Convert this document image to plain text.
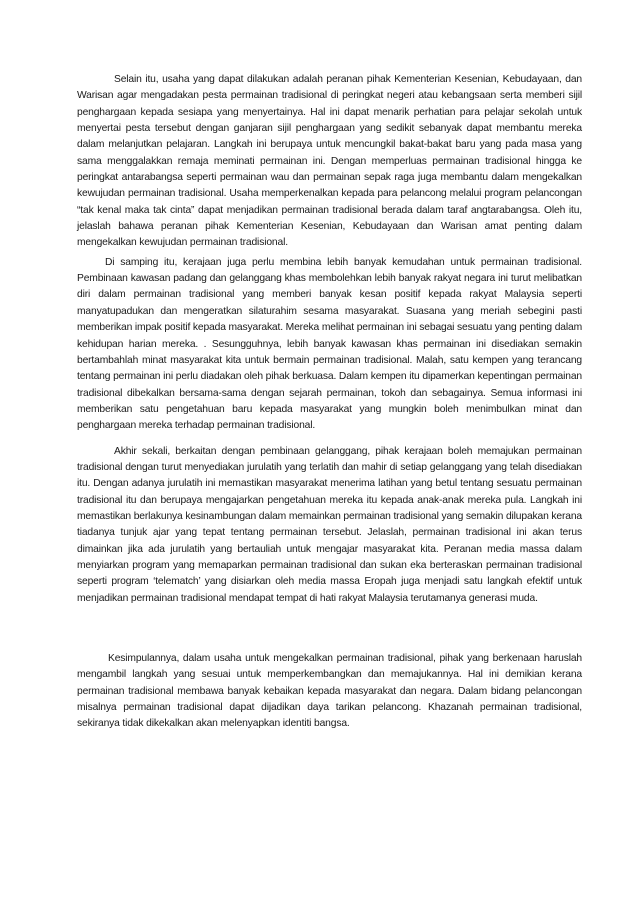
Selain itu, usaha yang dapat dilakukan adalah peranan pihak Kementerian Kesenian, Kebudayaan, dan Warisan agar mengadakan pesta permainan tradisional di peringkat negeri atau kebangsaan serta memberi sijil penghargaan kepada sesiapa yang menyertainya. Hal ini dapat menarik perhatian para pelajar sekolah untuk menyertai pesta tersebut dengan ganjaran sijil penghargaan yang sedikit sebanyak dapat membantu mereka dalam melanjutkan pelajaran. Langkah ini berupaya untuk mencungkil bakat-bakat baru yang pada masa yang sama menggalakkan remaja meminati permainan ini. Dengan memperluas permainan tradisional hingga ke peringkat antarabangsa seperti permainan wau dan permainan sepak raga juga membantu dalam mengekalkan kewujudan permainan tradisional. Usaha memperkenalkan kepada para pelancong melalui program pelancongan “tak kenal maka tak cinta” dapat menjadikan permainan tradisional berada dalam taraf angtarabangsa. Oleh itu, jelaslah bahawa peranan pihak Kementerian Kesenian, Kebudayaan dan Warisan amat penting dalam mengekalkan kewujudan permainan tradisional.

Di samping itu, kerajaan juga perlu membina lebih banyak kemudahan untuk permainan tradisional. Pembinaan kawasan padang dan gelanggang khas membolehkan lebih banyak rakyat negara ini turut melibatkan diri dalam permainan tradisional yang memberi banyak kesan positif kepada rakyat Malaysia seperti manyatupadukan dan mengeratkan silaturahim sesama masyarakat. Suasana yang meriah sebegini pasti memberikan impak positif kepada masyarakat. Mereka melihat permainan ini sebagai sesuatu yang penting dalam kehidupan harian mereka. . Sesungguhnya, lebih banyak kawasan khas permainan ini disediakan semakin bertambahlah minat masyarakat kita untuk bermain permainan tradisional. Malah, satu kempen yang terancang tentang permainan ini perlu diadakan oleh pihak berkuasa. Dalam kempen itu dipamerkan kepentingan permainan tradisional dibekalkan bersama-sama dengan sejarah permainan, tokoh dan sebagainya. Semua informasi ini memberikan satu pengetahuan baru kepada masyarakat yang mungkin boleh menimbulkan minat dan penghargaan mereka terhadap permainan tradisional.

Akhir sekali, berkaitan dengan pembinaan gelanggang, pihak kerajaan boleh memajukan permainan tradisional dengan turut menyediakan jurulatih yang terlatih dan mahir di setiap gelanggang yang telah disediakan itu. Dengan adanya jurulatih ini memastikan masyarakat menerima latihan yang betul tentang sesuatu permainan tradisional itu dan berupaya mengajarkan pengetahuan mereka itu kepada anak-anak mereka pula. Langkah ini memastikan berlakunya kesinambungan dalam memainkan permainan tradisional yang semakin dilupakan kerana tiadanya tunjuk ajar yang tepat tentang permainan tersebut. Jelaslah, permainan tradisional ini akan terus dimainkan jika ada jurulatih yang bertauliah untuk mengajar masyarakat kita. Peranan media massa dalam menyiarkan program yang memaparkan permainan tradisional dan sukan eka berteraskan permainan tradisional seperti program ‘telematch’ yang disiarkan oleh media massa Eropah juga menjadi satu langkah efektif untuk menjadikan permainan tradisional mendapat tempat di hati rakyat Malaysia terutamanya generasi muda.

Kesimpulannya, dalam usaha untuk mengekalkan permainan tradisional, pihak yang berkenaan haruslah mengambil langkah yang sesuai untuk memperkembangkan dan memajukannya. Hal ini demikian kerana permainan tradisional membawa banyak kebaikan kepada masyarakat dan negara. Dalam bidang pelancongan misalnya permainan tradisional dapat dijadikan daya tarikan pelancong. Khazanah permainan tradisional, sekiranya tidak dikekalkan akan melenyapkan identiti bangsa.
